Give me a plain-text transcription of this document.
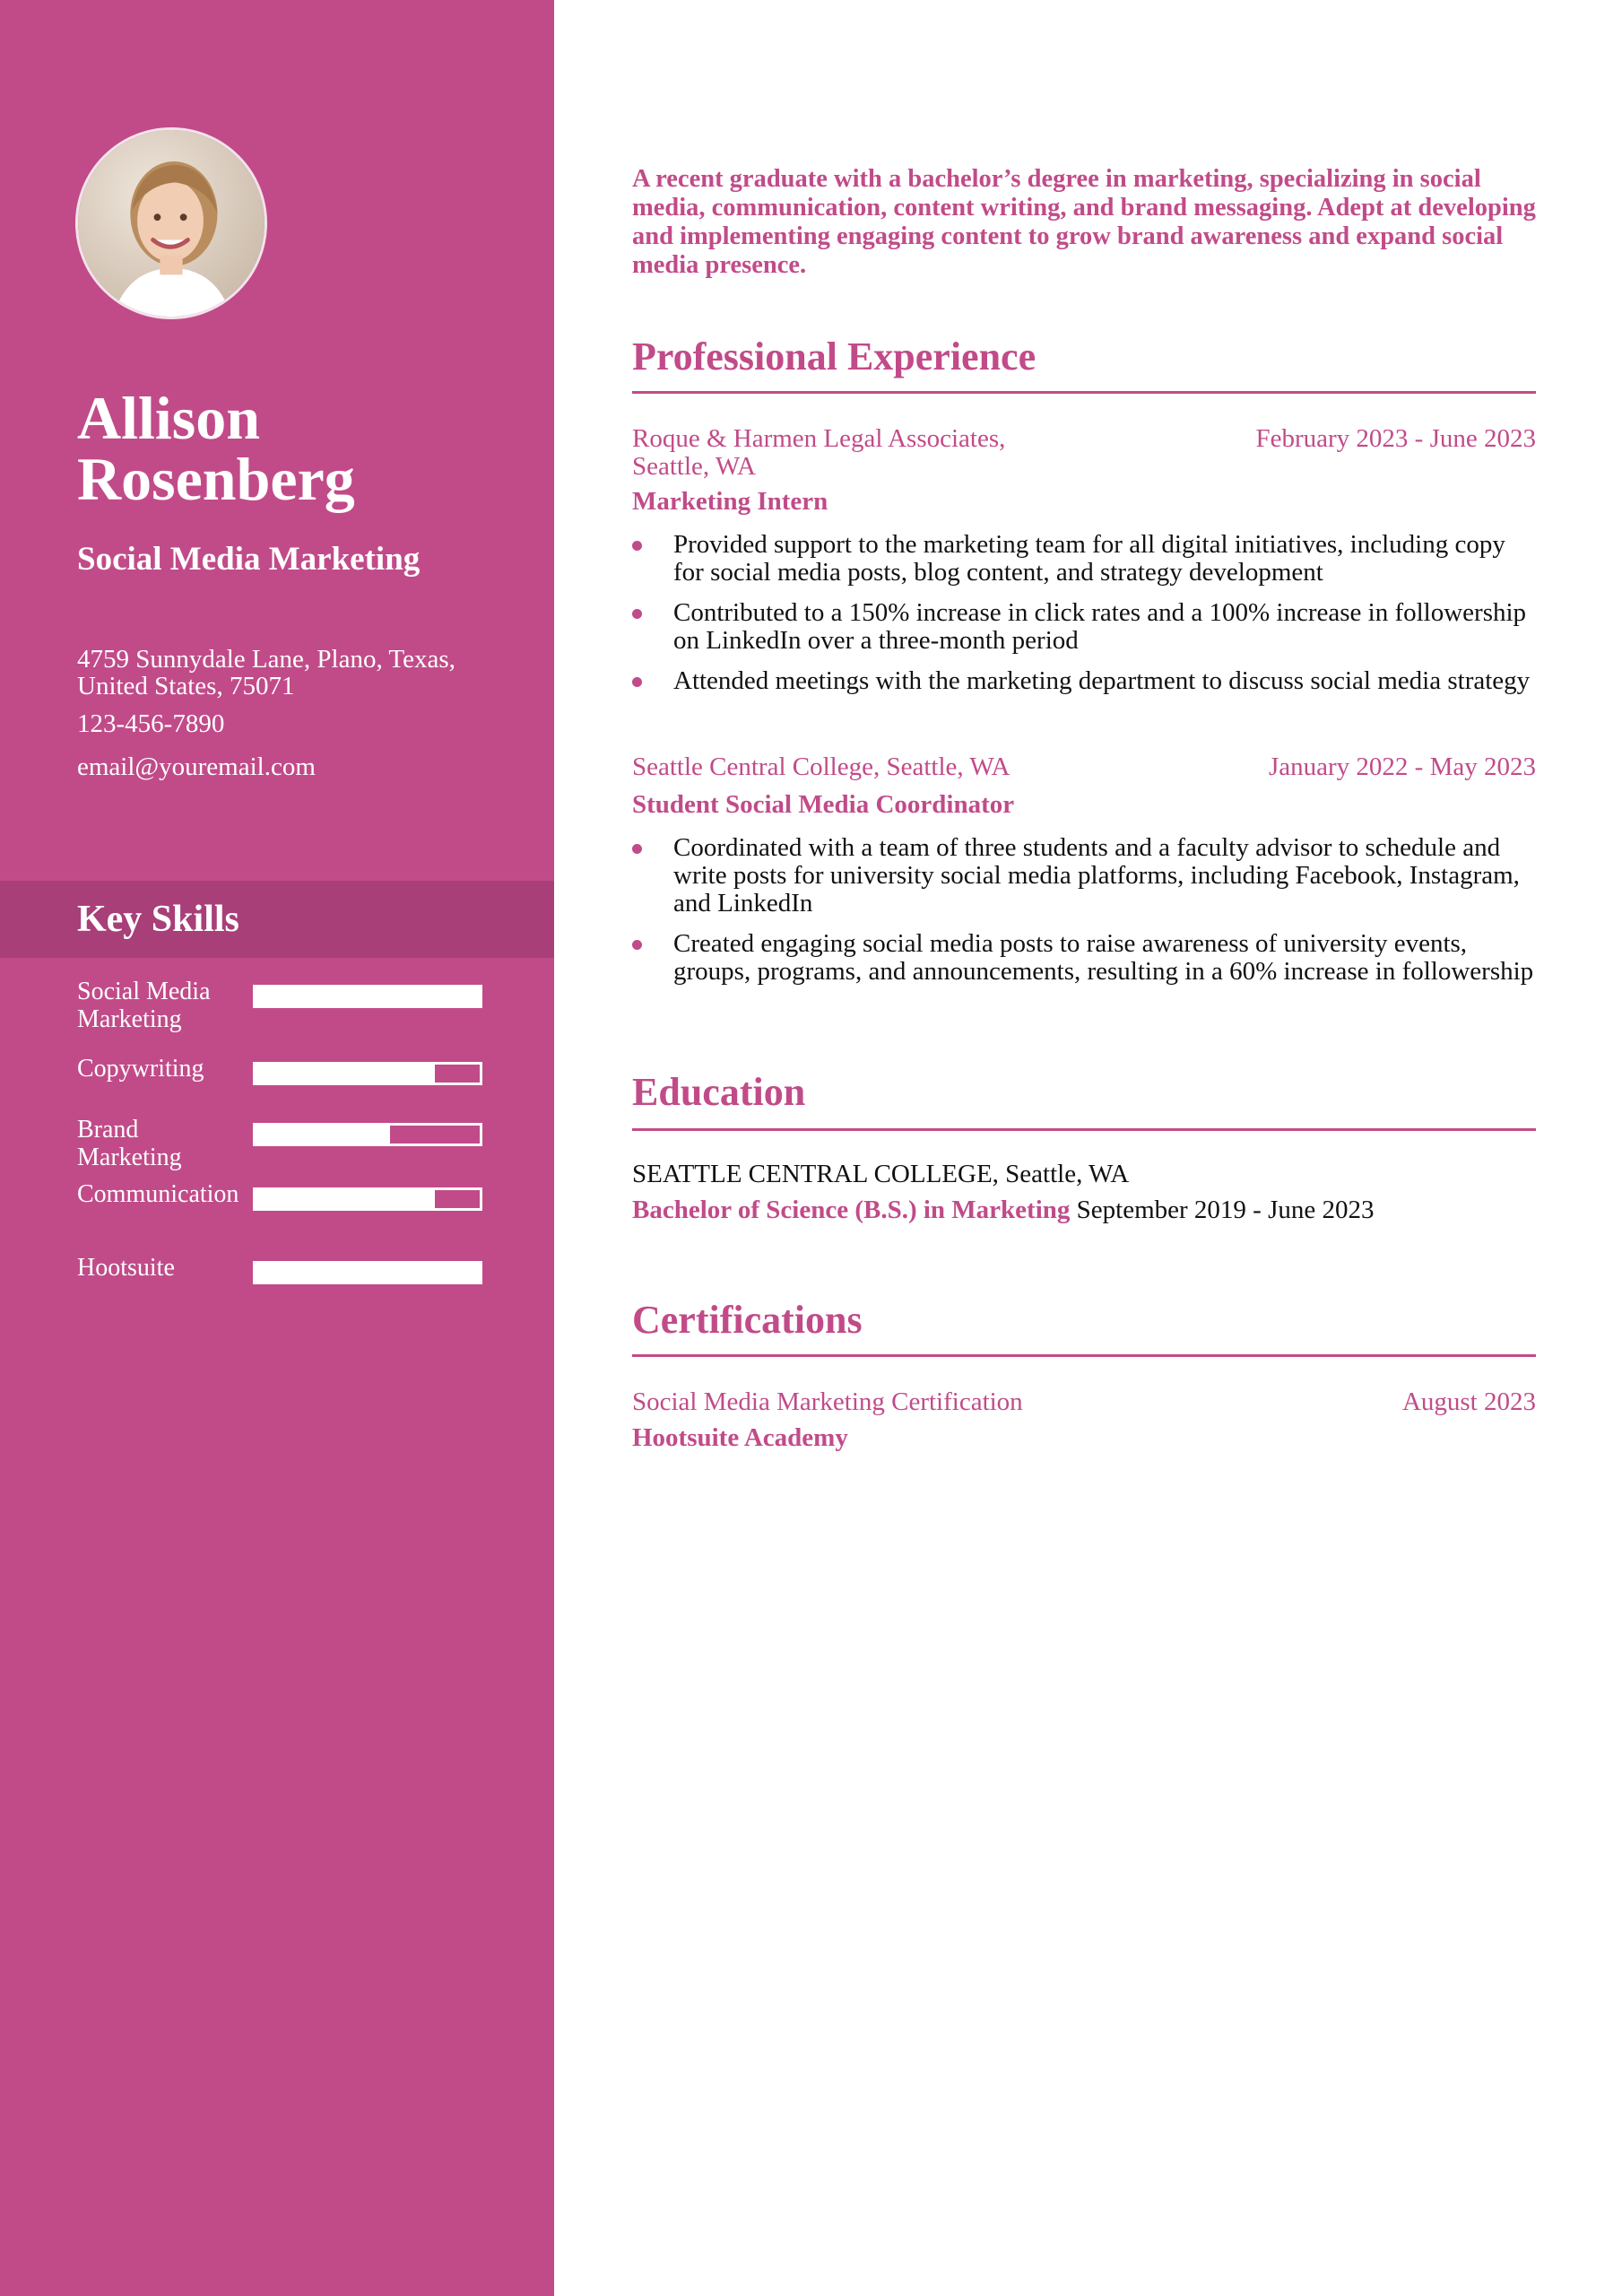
Allison Rosenberg
Social Media Marketing
4759 Sunnydale Lane, Plano, Texas, United States, 75071
123-456-7890
email@youremail.com
Key Skills
Social Media Marketing
Copywriting
Brand Marketing
Communication
Hootsuite

A recent graduate with a bachelor’s degree in marketing, specializing in social media, communication, content writing, and brand messaging. Adept at developing and implementing engaging content to grow brand awareness and expand social media presence.

Professional Experience
Roque & Harmen Legal Associates, Seattle, WA
February 2023 - June 2023
Marketing Intern
Provided support to the marketing team for all digital initiatives, including copy for social media posts, blog content, and strategy development
Contributed to a 150% increase in click rates and a 100% increase in followership on LinkedIn over a three-month period
Attended meetings with the marketing department to discuss social media strategy
Seattle Central College, Seattle, WA	January 2022 - May 2023
Student Social Media Coordinator
Coordinated with a team of three students and a faculty advisor to schedule and write posts for university social media platforms, including Facebook, Instagram, and LinkedIn
Created engaging social media posts to raise awareness of university events, groups, programs, and announcements, resulting in a 60% increase in followership
Education
SEATTLE CENTRAL COLLEGE, Seattle, WA
Bachelor of Science (B.S.) in Marketing September 2019 - June 2023
Certifications
Social Media Marketing Certification	August 2023
Hootsuite Academy
